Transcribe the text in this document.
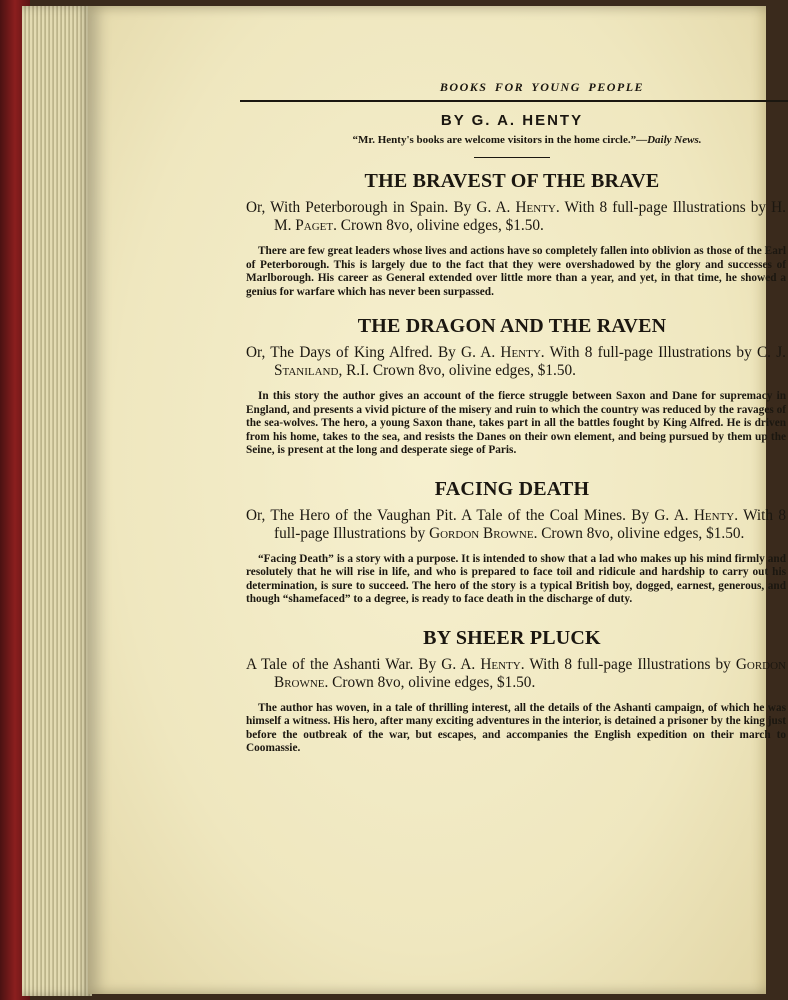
BOOKS FOR YOUNG PEOPLE
BY G. A. HENTY
“Mr. Henty's books are welcome visitors in the home circle.”—Daily News.
THE BRAVEST OF THE BRAVE

Or, With Peterborough in Spain. By G. A. Henty. With 8 full-page Illustrations by H. M. Paget. Crown 8vo, olivine edges, $1.50.

There are few great leaders whose lives and actions have so completely fallen into oblivion as those of the Earl of Peterborough. This is largely due to the fact that they were overshadowed by the glory and successes of Marlborough. His career as General extended over little more than a year, and yet, in that time, he showed a genius for warfare which has never been surpassed.

THE DRAGON AND THE RAVEN

Or, The Days of King Alfred. By G. A. Henty. With 8 full-page Illustrations by C. J. Staniland, R.I. Crown 8vo, olivine edges, $1.50.

In this story the author gives an account of the fierce struggle between Saxon and Dane for supremacy in England, and presents a vivid picture of the misery and ruin to which the country was reduced by the ravages of the sea-wolves. The hero, a young Saxon thane, takes part in all the battles fought by King Alfred. He is driven from his home, takes to the sea, and resists the Danes on their own element, and being pursued by them up the Seine, is present at the long and desperate siege of Paris.

FACING DEATH

Or, The Hero of the Vaughan Pit. A Tale of the Coal Mines. By G. A. Henty. With 8 full-page Illustrations by Gordon Browne. Crown 8vo, olivine edges, $1.50.

“Facing Death” is a story with a purpose. It is intended to show that a lad who makes up his mind firmly and resolutely that he will rise in life, and who is prepared to face toil and ridicule and hardship to carry out his determination, is sure to succeed. The hero of the story is a typical British boy, dogged, earnest, generous, and though “shamefaced” to a degree, is ready to face death in the discharge of duty.

BY SHEER PLUCK

A Tale of the Ashanti War. By G. A. Henty. With 8 full-page Illustrations by Gordon Browne. Crown 8vo, olivine edges, $1.50.

The author has woven, in a tale of thrilling interest, all the details of the Ashanti campaign, of which he was himself a witness. His hero, after many exciting adventures in the interior, is detained a prisoner by the king just before the outbreak of the war, but escapes, and accompanies the English expedition on their march to Coomassie.
